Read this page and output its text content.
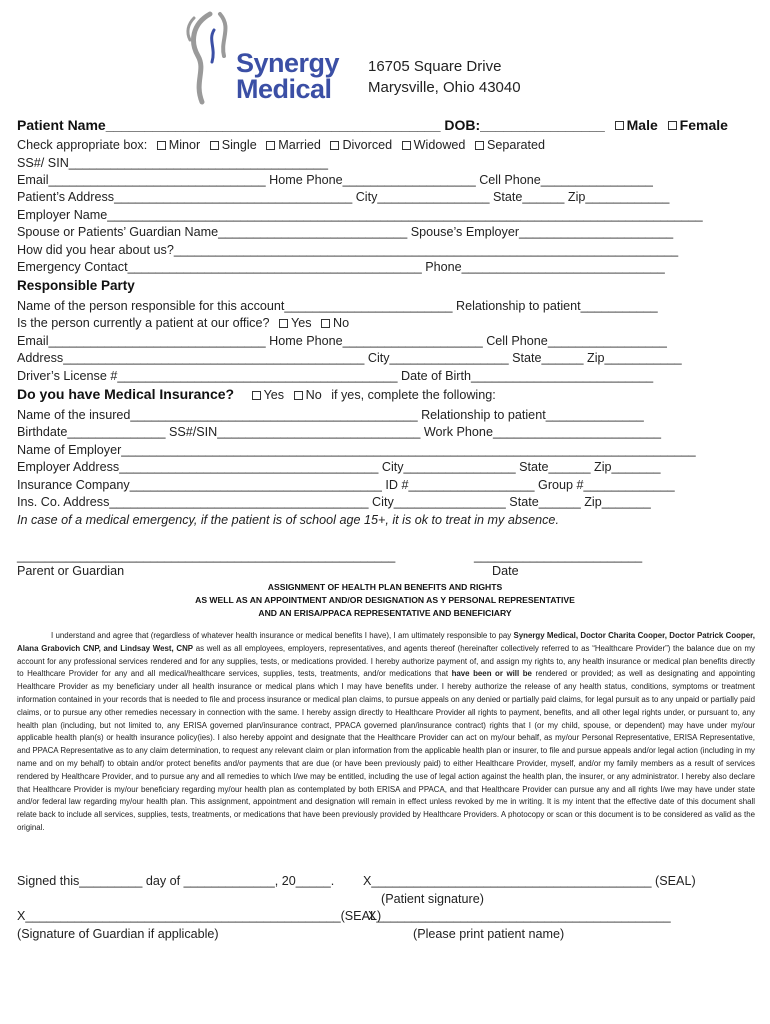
Synergy
Medical
16705 Square Drive
Marysville, Ohio 43040
Patient Name___________________________________________ DOB:________________ Male Female
Check appropriate box: Minor Single Married Divorced Widowed Separated
SS#/ SIN_____________________________________
Email_______________________________ Home Phone___________________ Cell Phone________________
Patient’s Address__________________________________ City________________ State______ Zip____________
Employer Name_____________________________________________________________________________________
Spouse or Patients’ Guardian Name___________________________ Spouse’s Employer______________________
How did you hear about us?________________________________________________________________________
Emergency Contact__________________________________________ Phone_____________________________
Responsible Party
Name of the person responsible for this account________________________ Relationship to patient___________
Is the person currently a patient at our office? Yes No
Email_______________________________ Home Phone____________________ Cell Phone_________________
Address___________________________________________ City_________________ State______ Zip___________
Driver’s License #________________________________________ Date of Birth__________________________
Do you have Medical Insurance? Yes No if yes, complete the following:
Name of the insured_________________________________________ Relationship to patient______________
Birthdate______________ SS#/SIN_____________________________ Work Phone________________________
Name of Employer__________________________________________________________________________________
Employer Address_____________________________________ City________________ State______ Zip_______
Insurance Company____________________________________ ID #__________________ Group #_____________
Ins. Co. Address_____________________________________ City________________ State______ Zip_______
In case of a medical emergency, if the patient is of school age 15+, it is ok to treat in my absence.
______________________________________________________	________________________
Parent or Guardian	Date
ASSIGNMENT OF HEALTH PLAN BENEFITS AND RIGHTS
AS WELL AS AN APPOINTMENT AND/OR DESIGNATION AS Y PERSONAL REPRESENTATIVE
AND AN ERISA/PPACA REPRESENTATIVE AND BENEFICIARY
I understand and agree that (regardless of whatever health insurance or medical benefits I have), I am ultimately responsible to pay Synergy Medical, Doctor Charita Cooper, Doctor Patrick Cooper, Alana Grabovich CNP, and Lindsay West, CNP as well as all employees, employers, representatives, and agents thereof (hereinafter collectively referred to as “Healthcare Provider”) the balance due on my account for any professional services rendered and for any supplies, tests, or medications provided. I hereby authorize payment of, and assign my rights to, any health insurance or medical plan benefits directly to Healthcare Provider for any and all medical/healthcare services, supplies, tests, treatments, and/or medications that have been or will be rendered or provided; as well as designating and appointing Healthcare Provider as my beneficiary under all health insurance or medical plans which I may have benefits under. I hereby authorize the release of any health status, conditions, symptoms or treatment information contained in your records that is needed to file and process insurance or medical plan claims, to pursue appeals on any denied or partially paid claims, for legal pursuit as to any unpaid or partially paid claims, or to pursue any other remedies necessary in connection with the same. I hereby assign directly to Healthcare Provider all rights to payment, benefits, and all other legal rights under, or pursuant to, any health plan (including, but not limited to, any ERISA governed plan/insurance contract, PPACA governed plan/insurance contract) rights that I (or my child, spouse, or dependent) may have under my/our applicable health plan(s) or health insurance policy(ies). I also hereby appoint and designate that the Healthcare Provider can act on my/our behalf, as my/our Personal Representative, ERISA Representative, and PPACA Representative as to any claim determination, to request any relevant claim or plan information from the applicable health plan or insurer, to file and pursue appeals and/or legal action (including in my name and on my behalf) to obtain and/or protect benefits and/or payments that are due (or have been previously paid) to either Healthcare Provider, myself, and/or my family members as a result of services rendered by Healthcare Provider, and to pursue any and all remedies to which I/we may be entitled, including the use of legal action against the health plan, the insurer, or any administrator. I hereby also declare that Healthcare Provider is my/our beneficiary regarding my/our health plan as contemplated by both ERISA and PPACA, and that Healthcare Provider can pursue any and all rights I/we may have under state and/or federal law regarding my/our health plan. This assignment, appointment and designation will remain in effect unless revoked by me in writing. It is my intent that the effective date of this document shall relate back to include all services, supplies, tests, treatments, or medications that have been previously provided by Healthcare Providers. A photocopy or scan or this document is to be considered as valid as the original.
Signed this_________ day of _____________, 20_____. X________________________________________ (SEAL)
(Patient signature)
X_____________________________________________(SEAL)
X__________________________________________
(Signature of Guardian if applicable)	(Please print patient name)
